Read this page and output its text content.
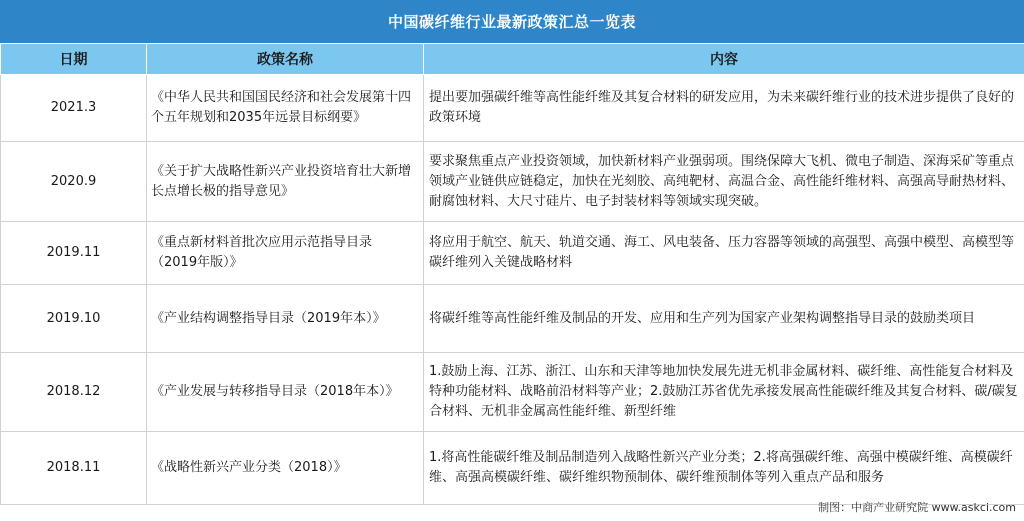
中国碳纤维行业最新政策汇总一览表
日期	政策名称	内容
2021.3	《中华人民共和国国民经济和社会发展第十四个五年规划和2035年远景目标纲要》	提出要加强碳纤维等高性能纤维及其复合材料的研发应用，为未来碳纤维行业的技术进步提供了良好的政策环境
2020.9	《关于扩大战略性新兴产业投资培育壮大新增长点增长极的指导意见》	要求聚焦重点产业投资领域，加快新材料产业强弱项。围绕保障大飞机、微电子制造、深海采矿等重点领域产业链供应链稳定，加快在光刻胶、高纯靶材、高温合金、高性能纤维材料、高强高导耐热材料、耐腐蚀材料、大尺寸硅片、电子封装材料等领域实现突破。
2019.11	《重点新材料首批次应用示范指导目录（2019年版）》	将应用于航空、航天、轨道交通、海工、风电装备、压力容器等领域的高强型、高强中模型、高模型等碳纤维列入关键战略材料
2019.10	《产业结构调整指导目录（2019年本）》	将碳纤维等高性能纤维及制品的开发、应用和生产列为国家产业架构调整指导目录的鼓励类项目
2018.12	《产业发展与转移指导目录（2018年本）》	1.鼓励上海、江苏、浙江、山东和天津等地加快发展先进无机非金属材料、碳纤维、高性能复合材料及特种功能材料、战略前沿材料等产业；2.鼓励江苏省优先承接发展高性能碳纤维及其复合材料、碳/碳复合材料、无机非金属高性能纤维、新型纤维
2018.11	《战略性新兴产业分类（2018）》	1.将高性能碳纤维及制品制造列入战略性新兴产业分类；2.将高强碳纤维、高强中模碳纤维、高模碳纤维、高强高模碳纤维、碳纤维织物预制体、碳纤维预制体等列入重点产品和服务
制图：中商产业研究院 www.askci.com
